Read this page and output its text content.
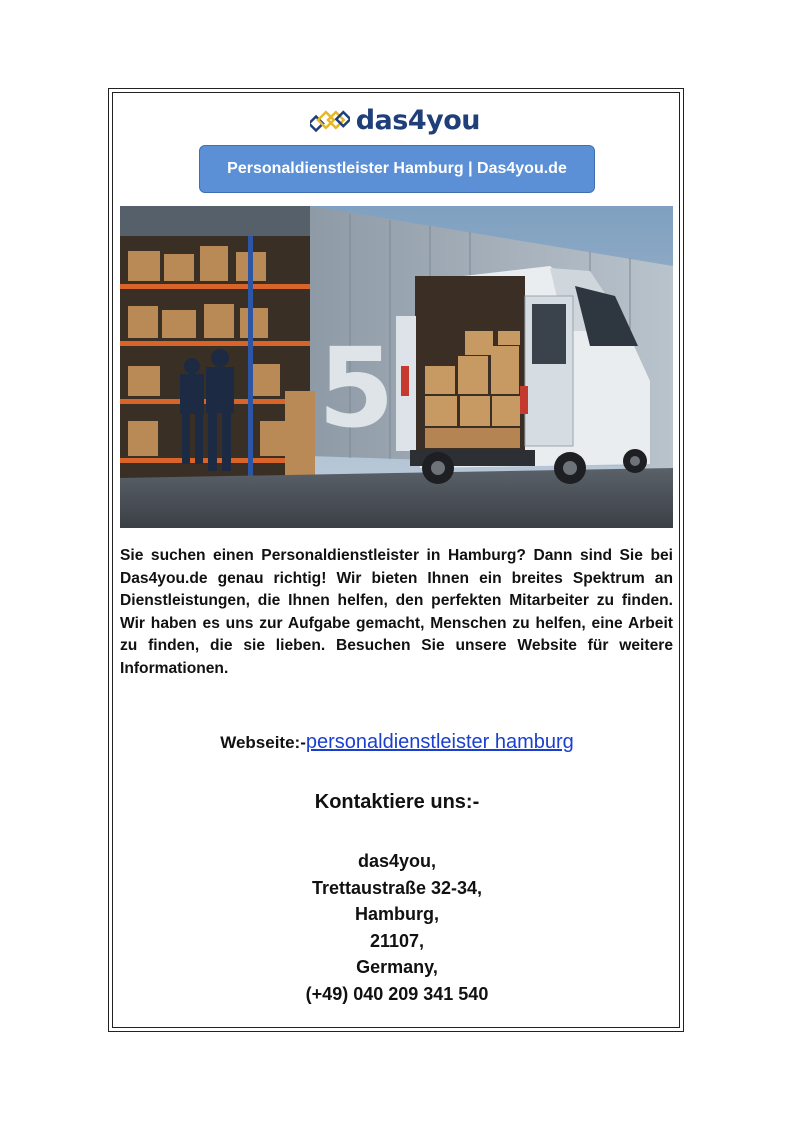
das4you
Personaldienstleister Hamburg | Das4you.de
5
Sie suchen einen Personaldienstleister in Hamburg? Dann sind Sie bei Das4you.de genau richtig! Wir bieten Ihnen ein breites Spektrum an Dienstleistungen, die Ihnen helfen, den perfekten Mitarbeiter zu finden. Wir haben es uns zur Aufgabe gemacht, Menschen zu helfen, eine Arbeit zu finden, die sie lieben. Besuchen Sie unsere Website für weitere Informationen.
Webseite:-personaldienstleister hamburg
Kontaktiere uns:-
das4you,
Trettaustraße 32-34,
Hamburg,
21107,
Germany,
(+49) 040 209 341 540
